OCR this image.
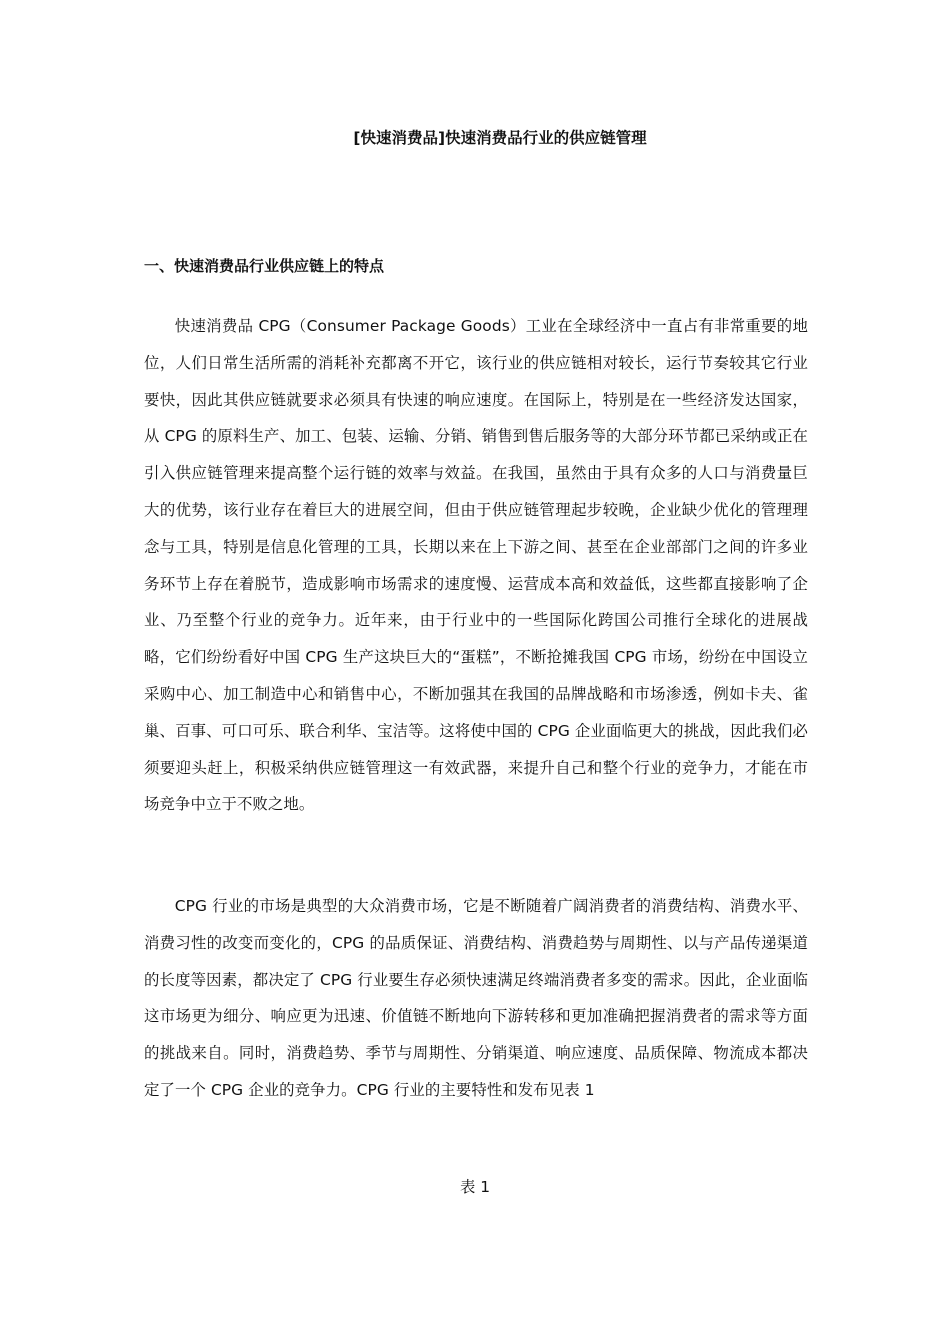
[快速消费品]快速消费品行业的供应链管理
一、快速消费品行业供应链上的特点

快速消费品 CPG（Consumer Package Goods）工业在全球经济中一直占有非常重要的地位，人们日常生活所需的消耗补充都离不开它，该行业的供应链相对较长，运行节奏较其它行业要快，因此其供应链就要求必须具有快速的响应速度。在国际上，特别是在一些经济发达国家，从 CPG 的原料生产、加工、包装、运输、分销、销售到售后服务等的大部分环节都已采纳或正在引入供应链管理来提高整个运行链的效率与效益。在我国，虽然由于具有众多的人口与消费量巨大的优势，该行业存在着巨大的进展空间，但由于供应链管理起步较晚，企业缺少优化的管理理念与工具，特别是信息化管理的工具，长期以来在上下游之间、甚至在企业部部门之间的许多业务环节上存在着脱节，造成影响市场需求的速度慢、运营成本高和效益低，这些都直接影响了企业、乃至整个行业的竞争力。近年来，由于行业中的一些国际化跨国公司推行全球化的进展战略，它们纷纷看好中国 CPG 生产这块巨大的“蛋糕”，不断抢摊我国 CPG 市场，纷纷在中国设立采购中心、加工制造中心和销售中心，不断加强其在我国的品牌战略和市场渗透，例如卡夫、雀巢、百事、可口可乐、联合利华、宝洁等。这将使中国的 CPG 企业面临更大的挑战，因此我们必须要迎头赶上，积极采纳供应链管理这一有效武器，来提升自己和整个行业的竞争力，才能在市场竞争中立于不败之地。

CPG 行业的市场是典型的大众消费市场，它是不断随着广阔消费者的消费结构、消费水平、消费习性的改变而变化的，CPG 的品质保证、消费结构、消费趋势与周期性、以与产品传递渠道的长度等因素，都决定了 CPG 行业要生存必须快速满足终端消费者多变的需求。因此，企业面临这市场更为细分、响应更为迅速、价值链不断地向下游转移和更加准确把握消费者的需求等方面的挑战来自。同时，消费趋势、季节与周期性、分销渠道、响应速度、品质保障、物流成本都决定了一个 CPG 企业的竞争力。CPG 行业的主要特性和发布见表 1

表 1
